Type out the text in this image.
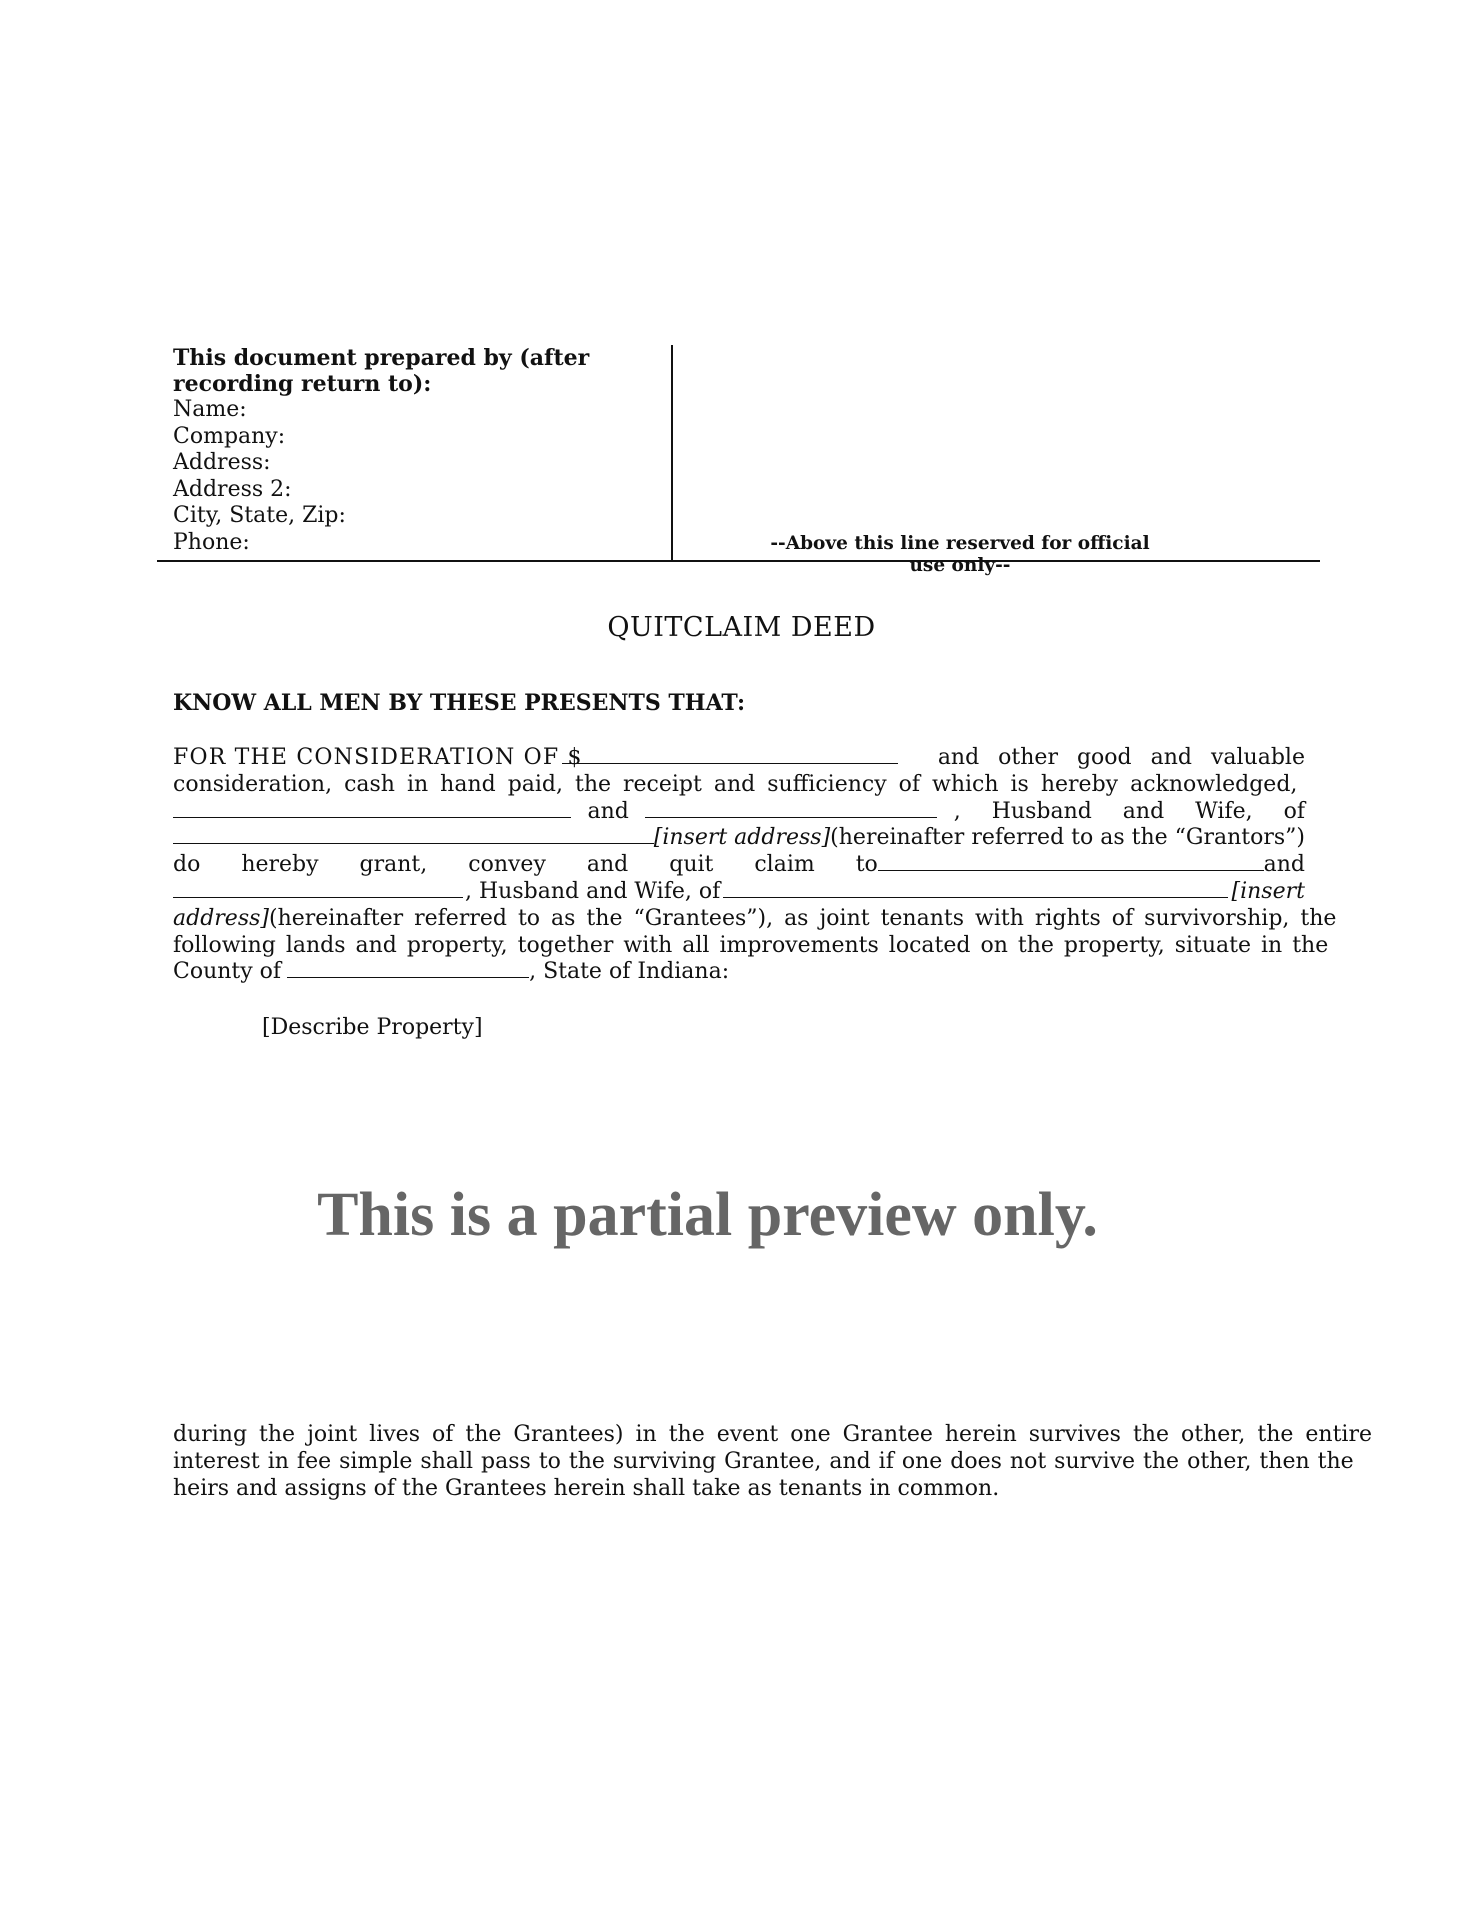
This document prepared by (after recording return to):
Name:
Company:
Address:
Address 2:
City, State, Zip:
Phone:	--Above this line reserved for official use only--
QUITCLAIM DEED
KNOW ALL MEN BY THESE PRESENTS THAT:
FOR THE CONSIDERATION OF $	and other good and valuable
consideration, cash in hand paid, the receipt and sufficiency of which is hereby acknowledged,
and	, Husband and Wife, of
[insert address] (hereinafter referred to as the “Grantors”)
do hereby grant, convey and quit claim to	and
, Husband and Wife, of	[insert
address] (hereinafter referred to as the “Grantees”), as joint tenants with rights of survivorship, the
following lands and property, together with all improvements located on the property, situate in the
County of	, State of Indiana:
[Describe Property]
This is a partial preview only.
during the joint lives of the Grantees) in the event one Grantee herein survives the other, the entire
interest in fee simple shall pass to the surviving Grantee, and if one does not survive the other, then the
heirs and assigns of the Grantees herein shall take as tenants in common.
